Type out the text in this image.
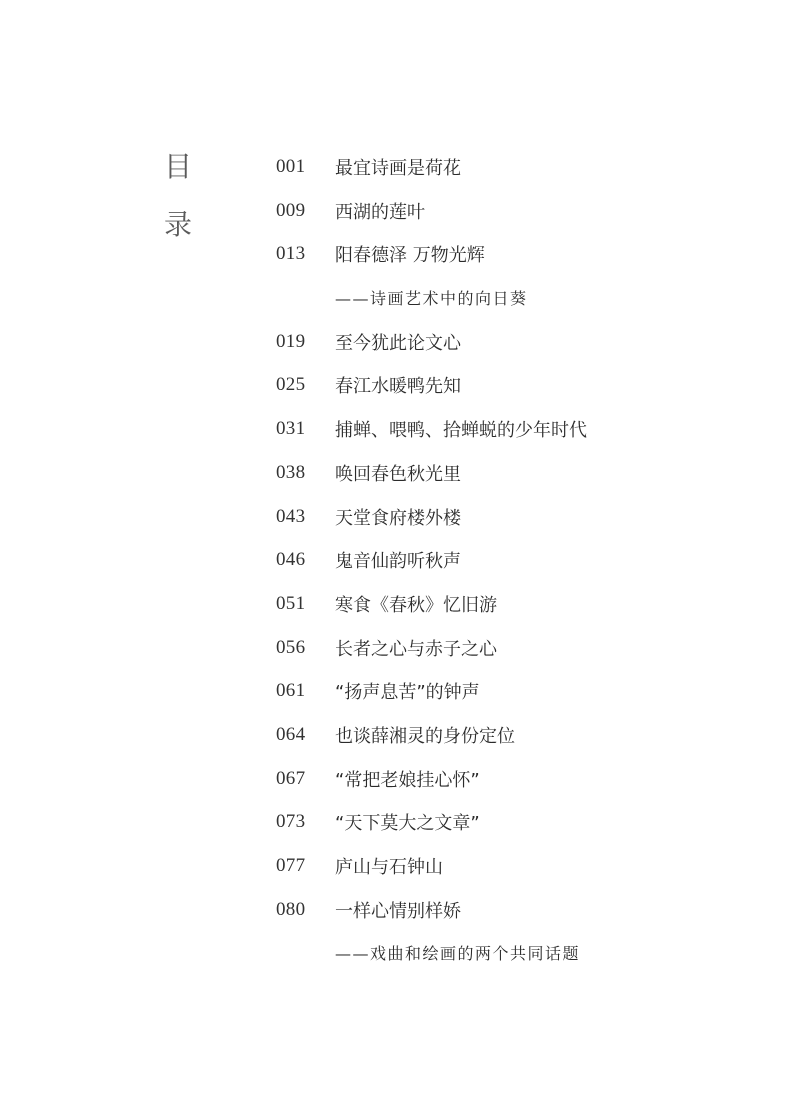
目
录
001 最宜诗画是荷花
009 西湖的莲叶
013 阳春德泽 万物光辉
——诗画艺术中的向日葵
019 至今犹此论文心
025 春江水暖鸭先知
031 捕蝉、喂鸭、拾蝉蜕的少年时代
038 唤回春色秋光里
043 天堂食府楼外楼
046 鬼音仙韵听秋声
051 寒食《春秋》忆旧游
056 长者之心与赤子之心
061 “扬声息苦”的钟声
064 也谈薛湘灵的身份定位
067 “常把老娘挂心怀”
073 “天下莫大之文章”
077 庐山与石钟山
080 一样心情别样娇
——戏曲和绘画的两个共同话题
